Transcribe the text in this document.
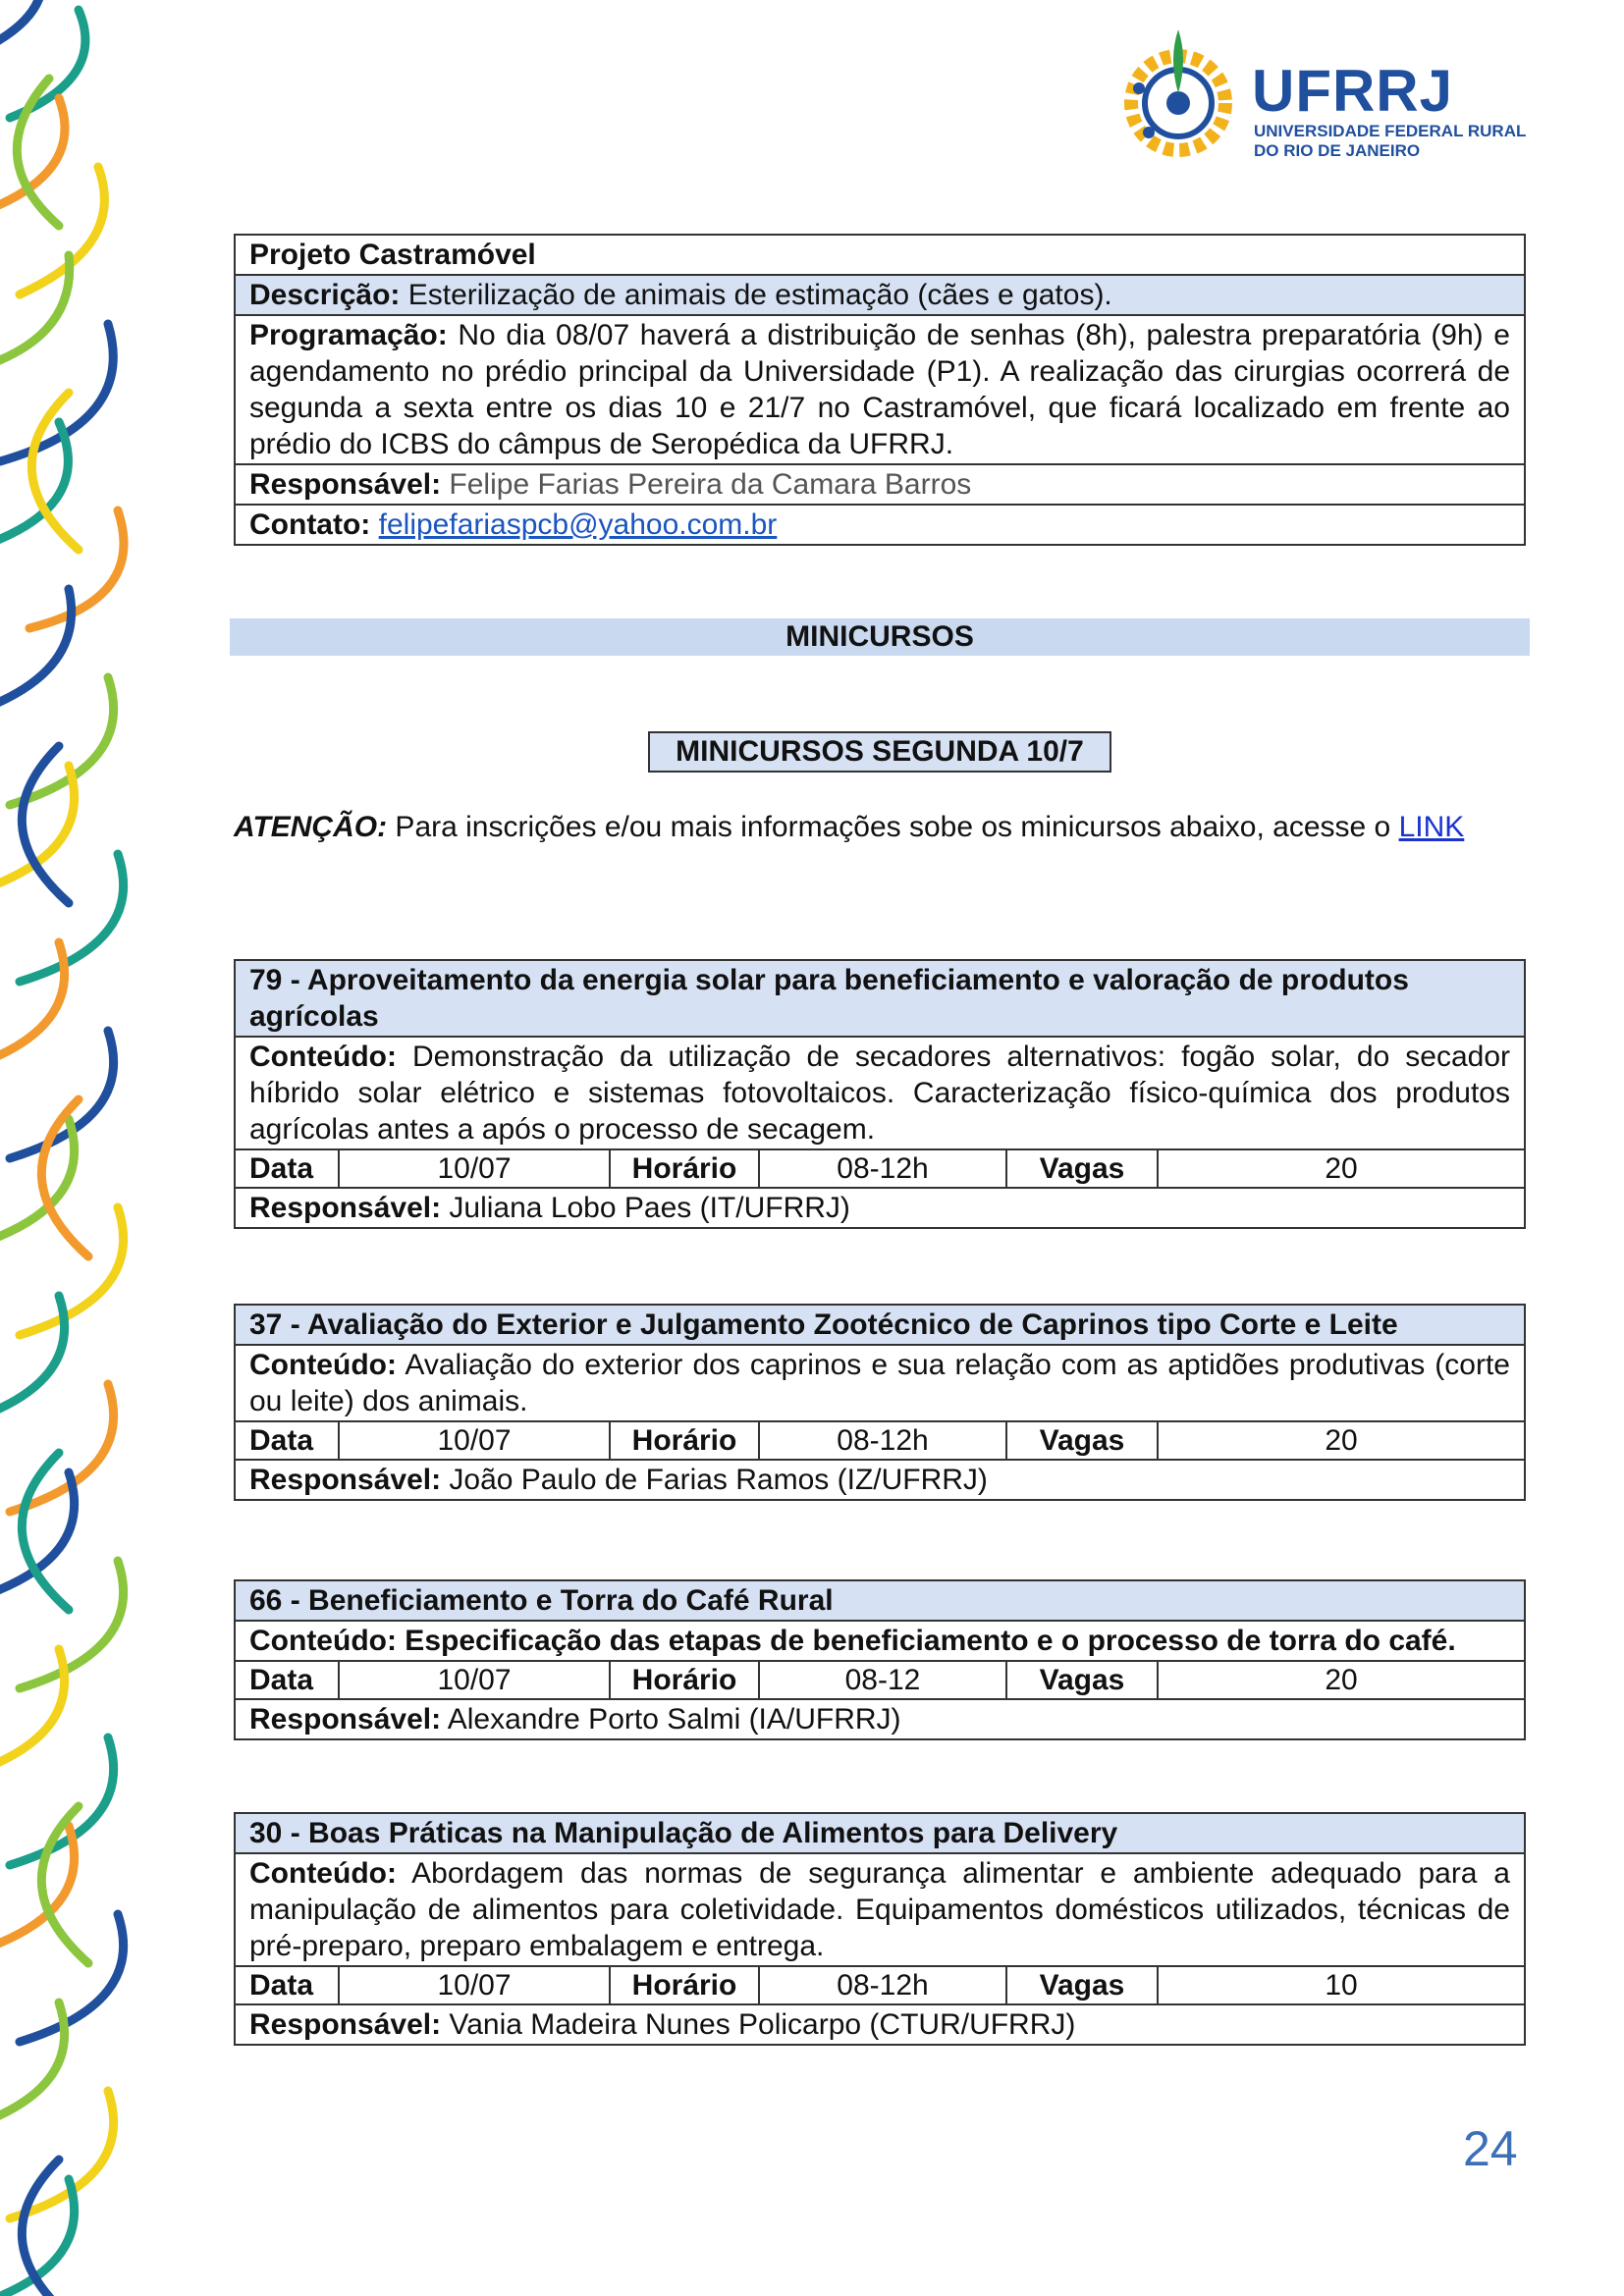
UFRRJ
UNIVERSIDADE FEDERAL RURAL
DO RIO DE JANEIRO
Projeto Castramóvel
Descrição: Esterilização de animais de estimação (cães e gatos).
Programação: No dia 08/07 haverá a distribuição de senhas (8h), palestra preparatória (9h) e agendamento no prédio principal da Universidade (P1). A realização das cirurgias ocorrerá de segunda a sexta entre os dias 10 e 21/7 no Castramóvel, que ficará localizado em frente ao prédio do ICBS do câmpus de Seropédica da UFRRJ.
Responsável: Felipe Farias Pereira da Camara Barros
Contato: felipefariaspcb@yahoo.com.br
MINICURSOS
MINICURSOS SEGUNDA 10/7
ATENÇÃO: Para inscrições e/ou mais informações sobe os minicursos abaixo, acesse o LINK
79 - Aproveitamento da energia solar para beneficiamento e valoração de produtos agrícolas
Conteúdo: Demonstração da utilização de secadores alternativos: fogão solar, do secador híbrido solar elétrico e sistemas fotovoltaicos. Caracterização físico-química dos produtos agrícolas antes a após o processo de secagem.
Data	10/07	Horário	08-12h	Vagas	20
Responsável: Juliana Lobo Paes (IT/UFRRJ)
37 - Avaliação do Exterior e Julgamento Zootécnico de Caprinos tipo Corte e Leite
Conteúdo: Avaliação do exterior dos caprinos e sua relação com as aptidões produtivas (corte ou leite) dos animais.
Data	10/07	Horário	08-12h	Vagas	20
Responsável: João Paulo de Farias Ramos (IZ/UFRRJ)
66 - Beneficiamento e Torra do Café Rural
Conteúdo: Especificação das etapas de beneficiamento e o processo de torra do café.
Data	10/07	Horário	08-12	Vagas	20
Responsável: Alexandre Porto Salmi (IA/UFRRJ)
30 - Boas Práticas na Manipulação de Alimentos para Delivery
Conteúdo: Abordagem das normas de segurança alimentar e ambiente adequado para a manipulação de alimentos para coletividade. Equipamentos domésticos utilizados, técnicas de pré-preparo, preparo embalagem e entrega.
Data	10/07	Horário	08-12h	Vagas	10
Responsável: Vania Madeira Nunes Policarpo (CTUR/UFRRJ)
24
